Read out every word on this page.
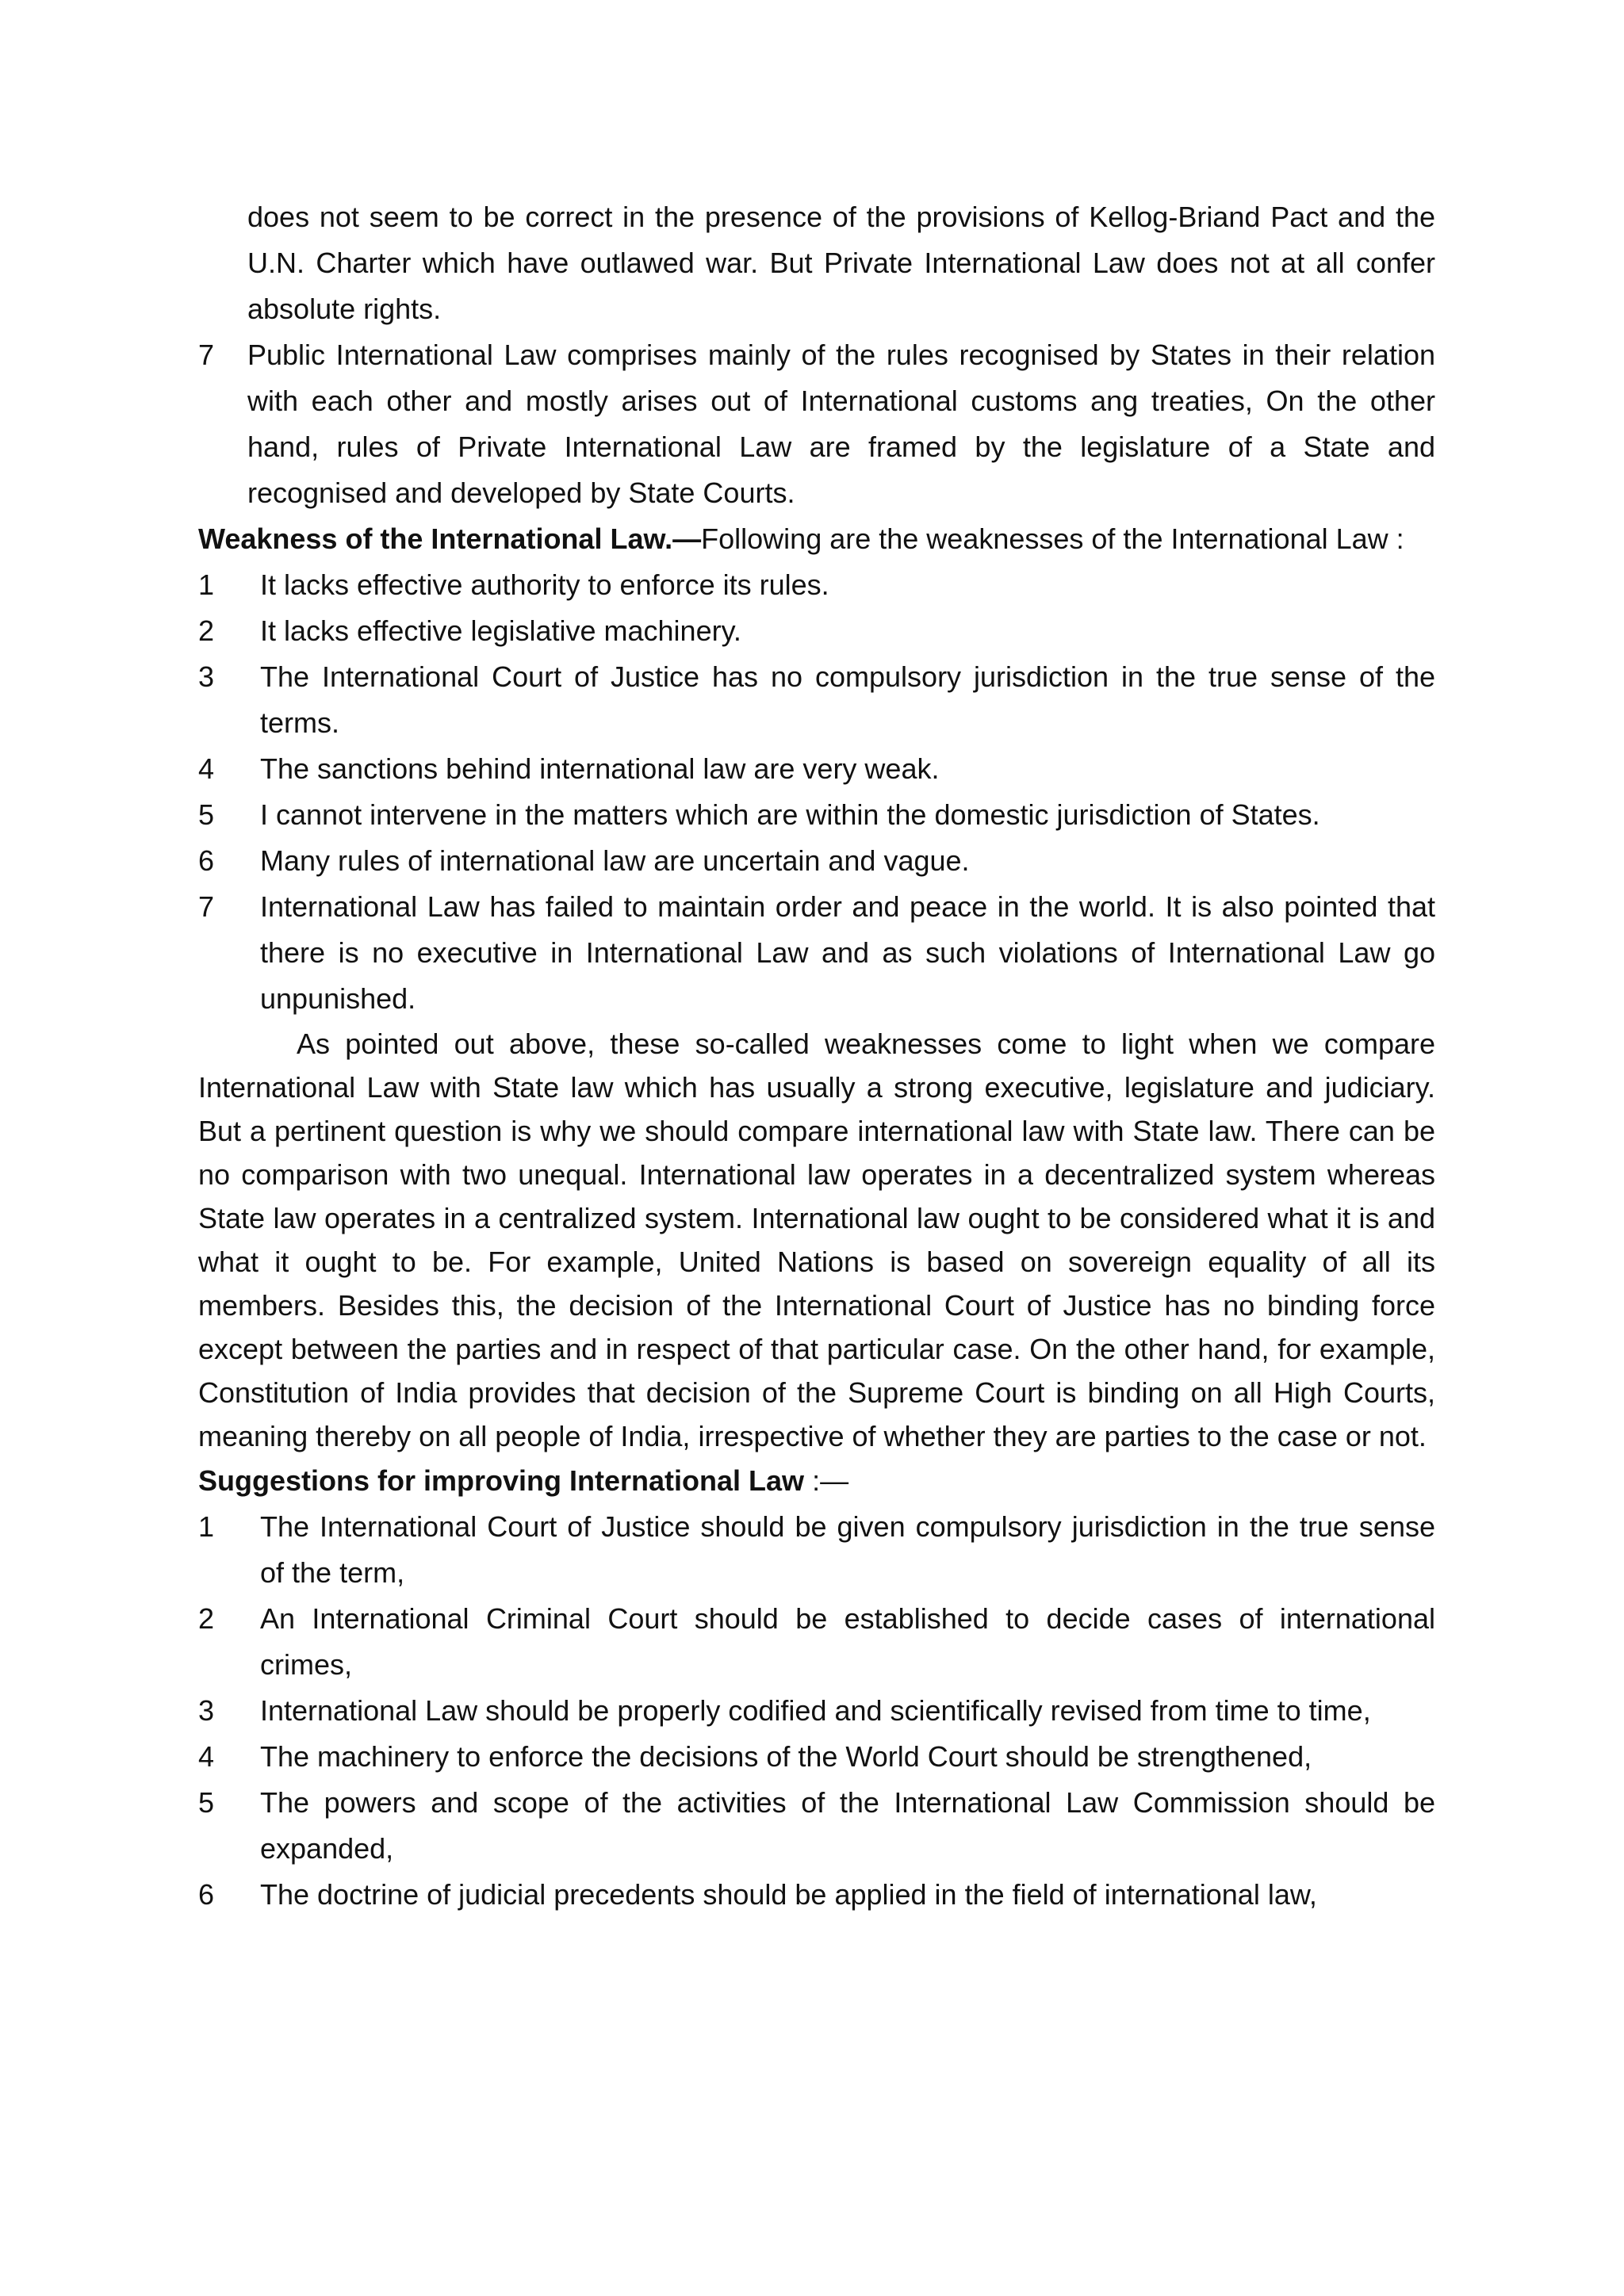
does not seem to be correct in the presence of the provisions of Kellog-Briand Pact and the U.N. Charter which have outlawed war. But Private International Law does not at all confer absolute rights.

7	Public International Law comprises mainly of the rules recognised by States in their relation with each other and mostly arises out of International customs ang treaties, On the other hand, rules of Private International Law are framed by the legislature of a State and recognised and developed by State Courts.

Weakness of the International Law.—Following are the weaknesses of the International Law :

1	It lacks effective authority to enforce its rules.
2	It lacks effective legislative machinery.
3	The International Court of Justice has no compulsory jurisdiction in the true sense of the terms.
4	The sanctions behind international law are very weak.
5	I cannot intervene in the matters which are within the domestic jurisdiction of States.
6	Many rules of international law are uncertain and vague.
7	International Law has failed to maintain order and peace in the world. It is also pointed that there is no executive in International Law and as such violations of International Law go unpunished.

As pointed out above, these so-called weaknesses come to light when we compare International Law with State law which has usually a strong executive, legislature and judiciary. But a pertinent question is why we should compare international law with State law. There can be no comparison with two unequal. International law operates in a decentralized system whereas State law operates in a centralized system. International law ought to be considered what it is and what it ought to be. For example, United Nations is based on sovereign equality of all its members. Besides this, the decision of the International Court of Justice has no binding force except between the parties and in respect of that particular case. On the other hand, for example, Constitution of India provides that decision of the Supreme Court is binding on all High Courts, meaning thereby on all people of India, irrespective of whether they are parties to the case or not.

Suggestions for improving International Law :—

1	The International Court of Justice should be given compulsory jurisdiction in the true sense of the term,
2	An International Criminal Court should be established to decide cases of international crimes,
3	International Law should be properly codified and scientifically revised from time to time,
4	The machinery to enforce the decisions of the World Court should be strengthened,
5	The powers and scope of the activities of the International Law Commission should be expanded,
6	The doctrine of judicial precedents should be applied in the field of international law,
